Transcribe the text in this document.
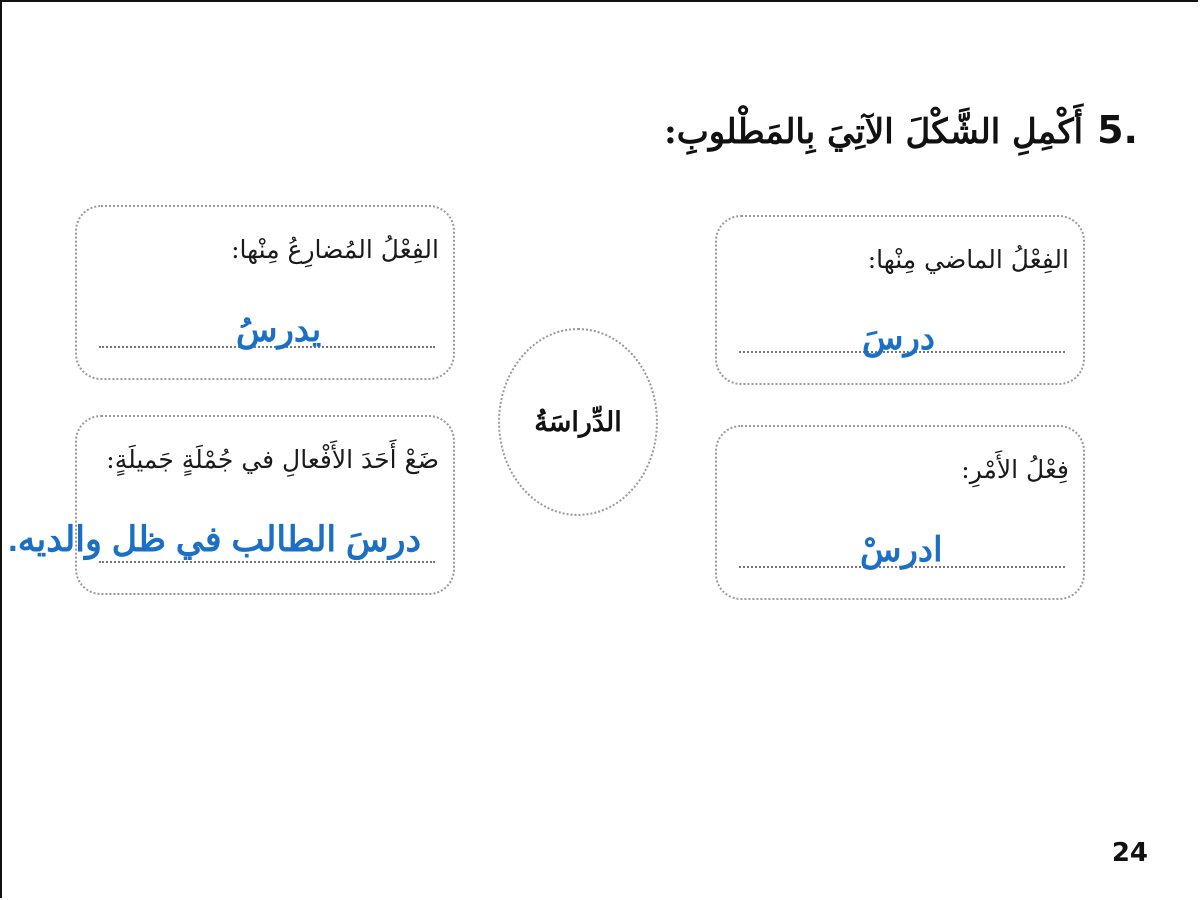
5.
أَكْمِلِ الشَّكْلَ الآتِيَ بِالمَطْلوبِ:
الفِعْلُ الماضي مِنْها:
فِعْلُ الأَمْرِ:
الفِعْلُ المُضارِعُ مِنْها:
ضَعْ أَحَدَ الأَفْعالِ في جُمْلَةٍ جَميلَةٍ:
الدِّراسَةُ
درسَ
يدرسُ
ادرسْ
درسَ الطالب في ظل والديه.
24
